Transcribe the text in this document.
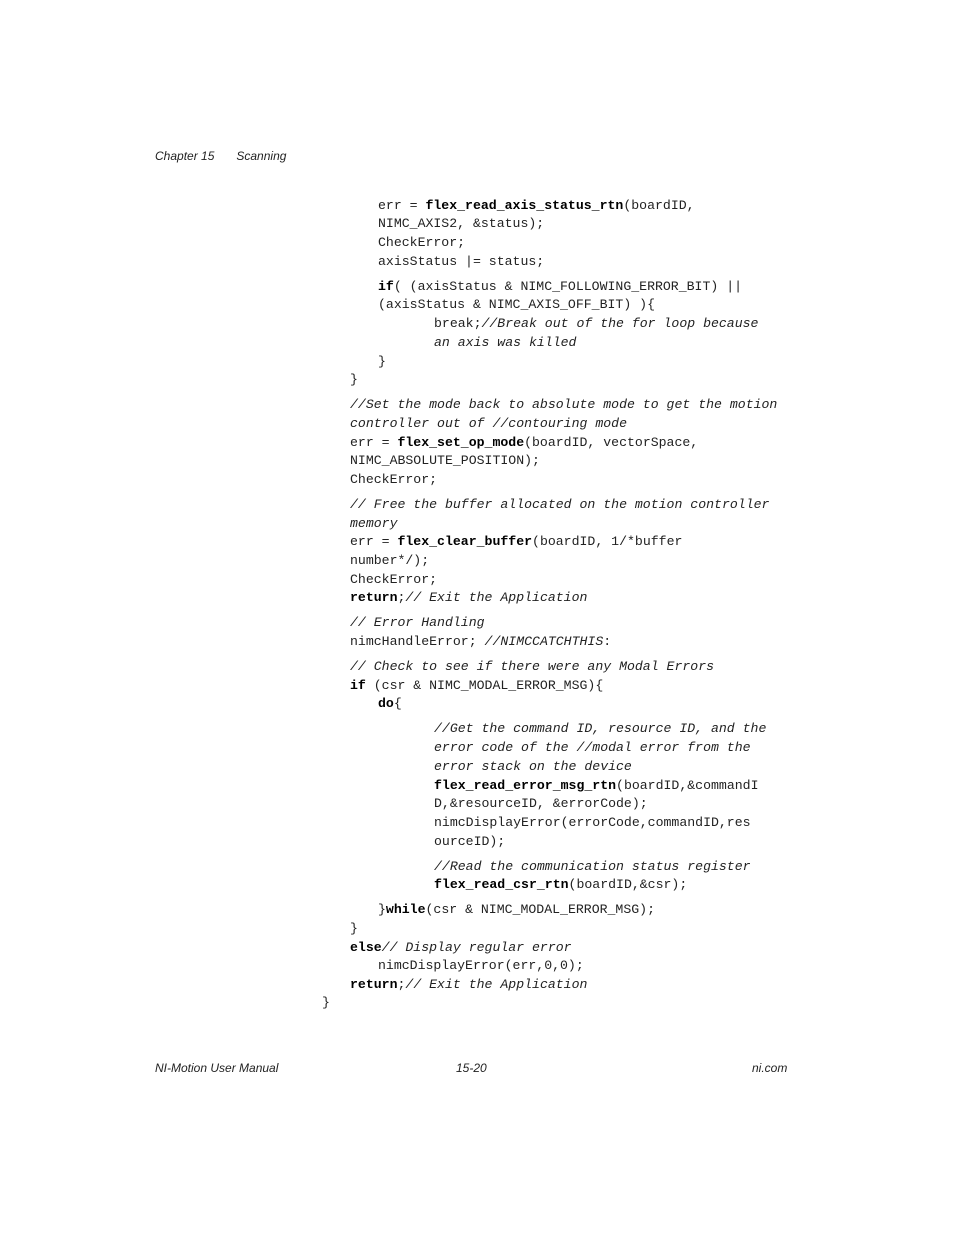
Chapter 15 Scanning
err = flex_read_axis_status_rtn(boardID,
NIMC_AXIS2, &status);
CheckError;
axisStatus |= status;
if( (axisStatus & NIMC_FOLLOWING_ERROR_BIT) ||
(axisStatus & NIMC_AXIS_OFF_BIT) ){
break;//Break out of the for loop because
an axis was killed
}
}
//Set the mode back to absolute mode to get the motion
controller out of //contouring mode
err = flex_set_op_mode(boardID, vectorSpace,
NIMC_ABSOLUTE_POSITION);
CheckError;
// Free the buffer allocated on the motion controller
memory
err = flex_clear_buffer(boardID, 1/*buffer
number*/);
CheckError;
return;// Exit the Application
// Error Handling
nimcHandleError; //NIMCCATCHTHIS:
// Check to see if there were any Modal Errors
if (csr & NIMC_MODAL_ERROR_MSG){
do{
//Get the command ID, resource ID, and the
error code of the //modal error from the
error stack on the device
flex_read_error_msg_rtn(boardID,&commandI
D,&resourceID, &errorCode);
nimcDisplayError(errorCode,commandID,res
ourceID);
//Read the communication status register
flex_read_csr_rtn(boardID,&csr);
}while(csr & NIMC_MODAL_ERROR_MSG);
}
else// Display regular error
nimcDisplayError(err,0,0);
return;// Exit the Application
}
NI-Motion User Manual	15-20	ni.com
